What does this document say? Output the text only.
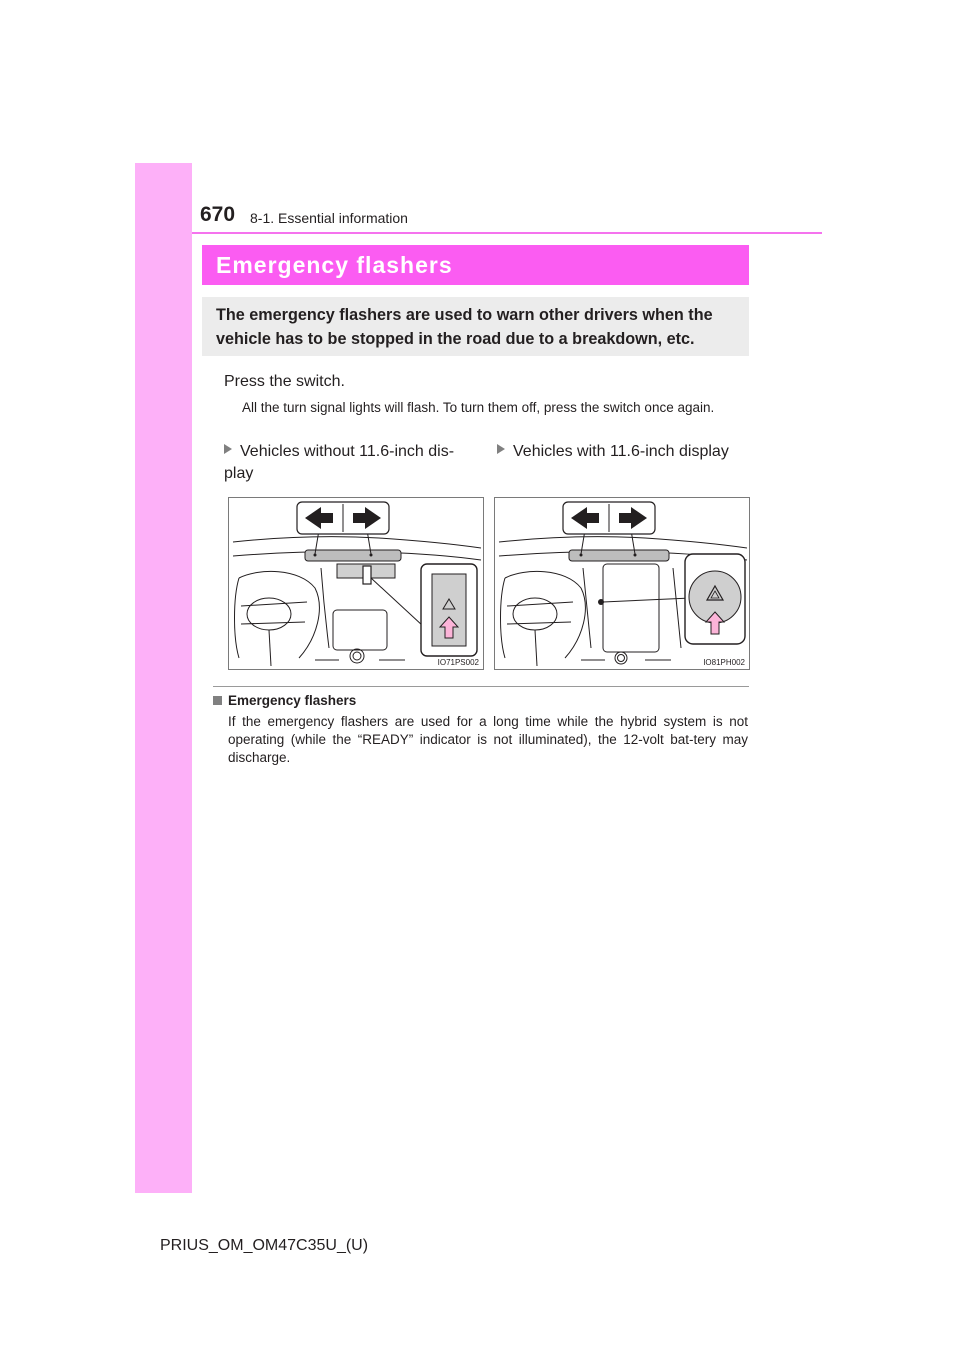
670 8-1. Essential information
Emergency flashers
The emergency flashers are used to warn other drivers when the vehicle has to be stopped in the road due to a breakdown, etc.
Press the switch.
All the turn signal lights will flash. To turn them off, press the switch once again.
Vehicles without 11.6-inch dis-play
Vehicles with 11.6-inch display
IO71PS002	IO81PH002
Emergency flashers
If the emergency flashers are used for a long time while the hybrid system is not operating (while the “READY” indicator is not illuminated), the 12-volt bat-tery may discharge.
PRIUS_OM_OM47C35U_(U)
